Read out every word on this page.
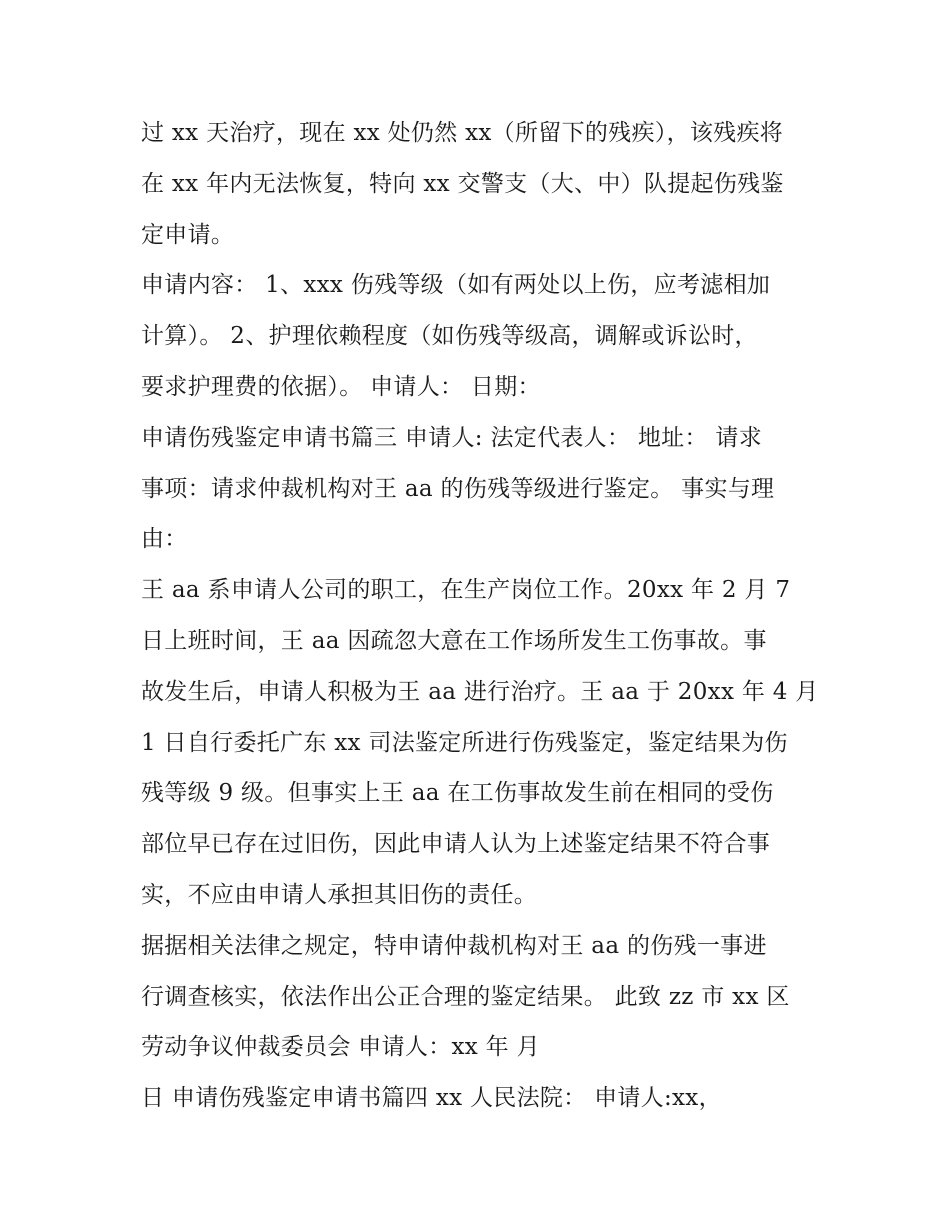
过 xx 天治疗，现在 xx 处仍然 xx（所留下的残疾），该残疾将
在 xx 年内无法恢复，特向 xx 交警支（大、中）队提起伤残鉴
定申请。
申请内容： 1、xxx 伤残等级（如有两处以上伤，应考滤相加
计算）。 2、护理依赖程度（如伤残等级高，调解或诉讼时，
要求护理费的依据）。 申请人： 日期：
申请伤残鉴定申请书篇三 申请人: 法定代表人： 地址： 请求
事项：请求仲裁机构对王 aa 的伤残等级进行鉴定。 事实与理
由：
王 aa 系申请人公司的职工，在生产岗位工作。20xx 年 2 月 7
日上班时间，王 aa 因疏忽大意在工作场所发生工伤事故。事
故发生后，申请人积极为王 aa 进行治疗。王 aa 于 20xx 年 4 月
1 日自行委托广东 xx 司法鉴定所进行伤残鉴定，鉴定结果为伤
残等级 9 级。但事实上王 aa 在工伤事故发生前在相同的受伤
部位早已存在过旧伤，因此申请人认为上述鉴定结果不符合事
实，不应由申请人承担其旧伤的责任。
据据相关法律之规定，特申请仲裁机构对王 aa 的伤残一事进
行调查核实，依法作出公正合理的鉴定结果。 此致 zz 市 xx 区
劳动争议仲裁委员会 申请人：xx 年 月
日 申请伤残鉴定申请书篇四 xx 人民法院： 申请人:xx，
